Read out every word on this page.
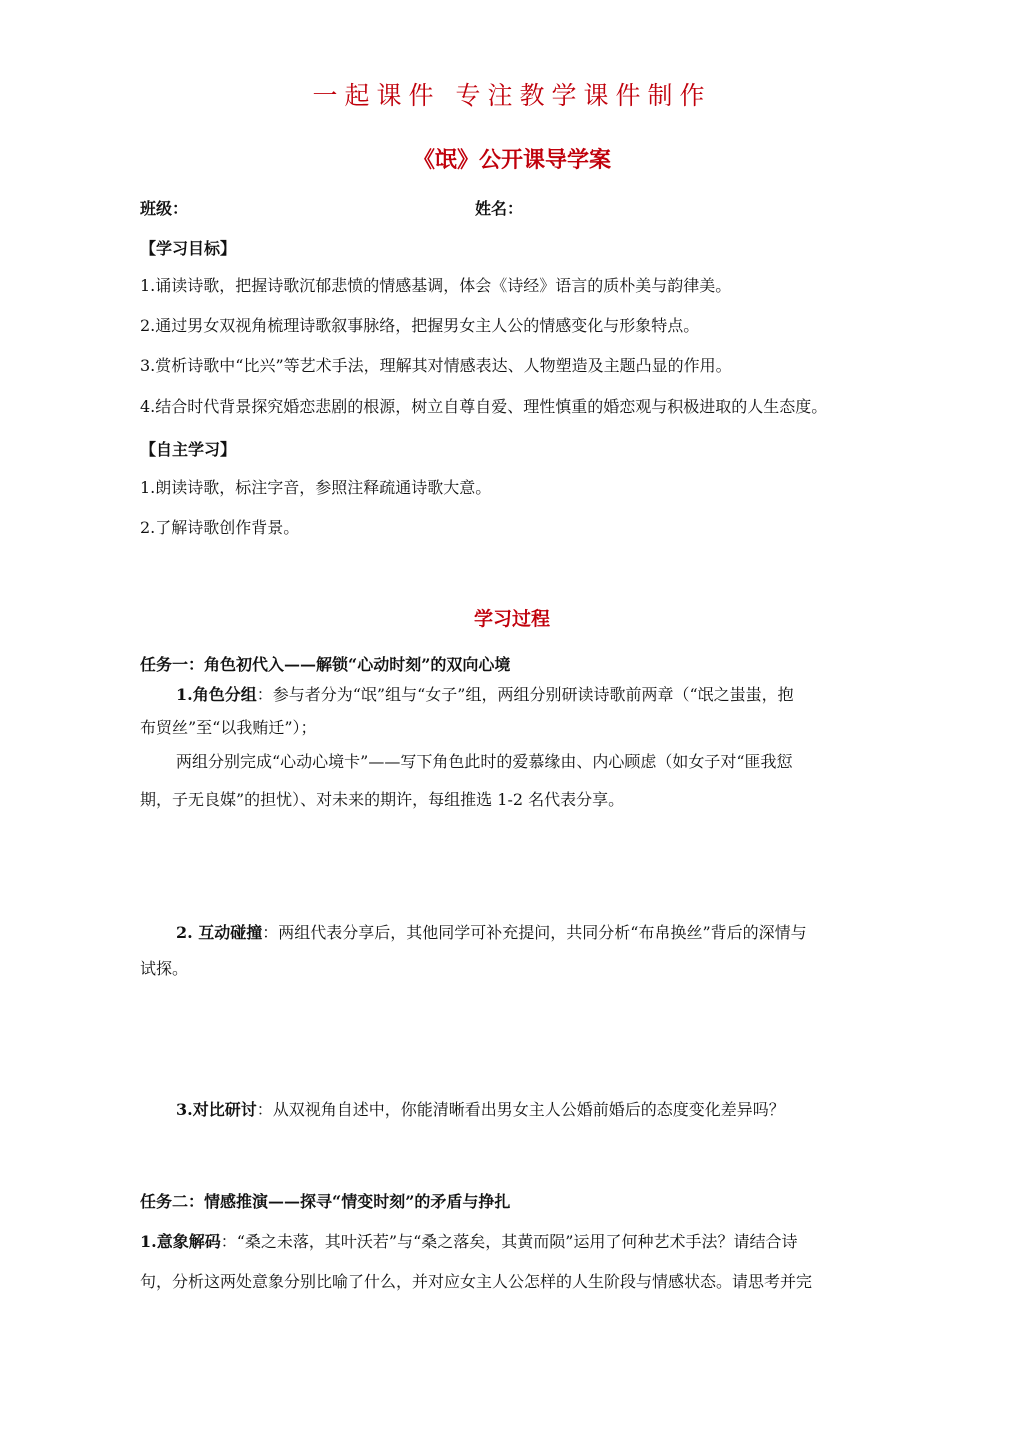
一起课件 专注教学课件制作
《氓》公开课导学案
班级：	姓名：
【学习目标】
1.诵读诗歌，把握诗歌沉郁悲愤的情感基调，体会《诗经》语言的质朴美与韵律美。
2.通过男女双视角梳理诗歌叙事脉络，把握男女主人公的情感变化与形象特点。
3.赏析诗歌中“比兴”等艺术手法，理解其对情感表达、人物塑造及主题凸显的作用。
4.结合时代背景探究婚恋悲剧的根源，树立自尊自爱、理性慎重的婚恋观与积极进取的人生态度。
【自主学习】
1.朗读诗歌，标注字音，参照注释疏通诗歌大意。
2.了解诗歌创作背景。
学习过程
任务一：角色初代入——解锁“心动时刻”的双向心境
1.角色分组：参与者分为“氓”组与“女子”组，两组分别研读诗歌前两章（“氓之蚩蚩，抱
布贸丝”至“以我贿迁”）；
两组分别完成“心动心境卡”——写下角色此时的爱慕缘由、内心顾虑（如女子对“匪我愆
期，子无良媒”的担忧）、对未来的期许，每组推选 1-2 名代表分享。
2. 互动碰撞：两组代表分享后，其他同学可补充提问，共同分析“布帛换丝”背后的深情与
试探。
3.对比研讨：从双视角自述中，你能清晰看出男女主人公婚前婚后的态度变化差异吗？
任务二：情感推演——探寻“情变时刻”的矛盾与挣扎
1.意象解码：“桑之未落，其叶沃若”与“桑之落矣，其黄而陨”运用了何种艺术手法？请结合诗
句，分析这两处意象分别比喻了什么，并对应女主人公怎样的人生阶段与情感状态。请思考并完
